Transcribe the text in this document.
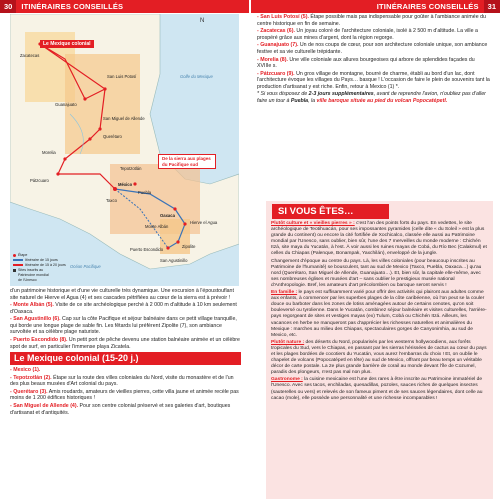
30 ITINÉRAIRES CONSEILLÉS	ITINÉRAIRES CONSEILLÉS 31
N
Le Mexique colonial
De la sierra aux plages du Pacifique sud
Zacatecas
San Luis Potosí
Guanajuato
San Miguel de Allende
Querétaro
Morelia
Pátzcuaro
México
Tepotzotlán
Puebla
Taxco
Oaxaca
Monte Albán
Hierve el Agua
Zipolite
Puerto Escondido
San Agustinillo
Golfe du Mexique
Océan Pacifique
Étape
Itinéraire de 15 jours
Itinéraire de 15 à 20 jours
Sites inscrits au
Patrimoine mondial
de l'Unesco

d'un patrimoine historique et d'une vie culturelle très dynamique. Une excursion à l'époustouflant site naturel de Hierve el Agua (4) et ses cascades pétrifiées au cœur de la sierra est à prévoir !

- Monte Albán (5). Visite de ce site archéologique perché à 2 000 m d'altitude à 10 km seulement d'Oaxaca.

- San Agustinillo (6). Cap sur la côte Pacifique et séjour balnéaire dans ce petit village tranquille, qui borde une longue plage de sable fin. Les fêtards lui préfèrent Zipolite (7), son ambiance survoltée et sa célèbre plage naturiste.

- Puerto Escondido (8). Un petit port de pêche devenu une station balnéaire animée et un célèbre spot de surf, en particulier l'immense playa Zicatela.

Le Mexique colonial (15-20 j.)

- Mexico (1).

- Tepotzotlán (2). Étape sur la route des villes coloniales du Nord, visite du monastère et de l'un des plus beaux musées d'Art colonial du pays.

- Querétaro (3). Amis roudards, amateurs de vieilles pierres, cette villa jaune et animée recèle pas moins de 1 200 édifices historiques !

- San Miguel de Allende (4). Pour son centre colonial préservé et ses galeries d'art, boutiques d'artisanat et d'antiquités.

- San Luis Potosí (5). Étape possible mais pas indispensable pour goûter à l'ambiance animée du centre historique en fin de semaine.

- Zacatecas (6). Un joyau coloré de l'architecture coloniale, isolé à 2 500 m d'altitude. La ville a prospéré grâce aux mines d'argent, dont la région regorge.

- Guanajuato (7). Un de nos coups de cœur, pour son architecture coloniale unique, son ambiance festive et sa vie culturelle trépidante.

- Morelia (8). Une ville coloniale aux allures bourgeoises qui arbore de splendides façades du XVIIIe s.

- Pátzcuaro (9). Un gros village de montagne, bourré de charme, établi au bord d'un lac, dont l'architecture évoque les villages du Pays… basque ! L'occasion de faire le plein de souvenirs tant la production d'artisanat y est riche. Enfin, retour à Mexico (1) *.

* Si vous disposez de 2-3 jours supplémentaires, avant de reprendre l'avion, n'oubliez pas d'aller faire un tour à Puebla, la ville baroque située au pied du volcan Popocatépetl.

SI VOUS ÊTES…

Plutôt culture et « vieilles pierres » : c'est l'an des points forts du pays. En vedettes, le site archéologique de Teotihuacán, pour ses impossantes pyramides (celle dite « du Soleil » est la plus grande du continent) ou encore la cité fortifiée de Xochicalco, classée elle aussi au Patrimoine mondial par l'Unesco, sans oublier, bien sûr, l'une des 7 merveilles du monde moderne : Chichén Itzá, site maya du Yucatán, à l'est. À voir aussi les ruines mayas de Cobá, du Río Bec (Calakmul) et celles du Chiapas (Palenque, Bonampak, Yaxchilán), enveloppé de la jungle.

Changement d'époque au centre du pays. Là, les villes coloniales (pour beaucoup inscrites au Patrimoine de l'humanité) se bousculent, tant au sud de Mexico (Taxco, Puebla, Oaxaca…) qu'au nord (Querétaro, San Miguel de Allende, Guanajuato…). Et, bien sûr, la capitale elle-même, avec ses nombreuses églises et musées d'art – sans oublier le prestigieux musée national d'Anthropologie. Bref, les amateurs d'art précolombien ou baroque seront servis !

En famille : le pays est suffisamment varié pour offrir des activités qui plairont aux adultes comme aux enfants, à commencer par les superbes plages de la côte caribéenne, où l'on peut se la couler douce ou barboter dans les zones de lotiss aménagées autour de certains cenotes, qu'on soit bouleversé ou tyrolienne. Dans le Yucatán, combinez séjour balnéaire et visites culturelles, l'arrière-pays regorgeant de sites et vestiges mayas (ex) Tulum, Cobá ou Chichén Itzá. Ailleurs, les vacances en herbe ne manqueront pas d'apprécier les richesses naturelles et animalières du Mexique : marches au milieu des Chiapas, spectaculaires gorges de Canyonimhia, au sud de Mexico, etc.

Plutôt nature : des déserts du Nord, popularisés par les westerns hollywoodiens, aux forêts tropicales du Sud, vers le Chiapas, en passant par les sierras hérissées de cactus au cœur du pays et les plages bordées de cocotiers du Yucatán, vous aurez l'embarras du choix ! Et, on oublie le chapelet de volcans (Popocatépetl en tête) au sud de Mexico, offrant par beau temps un véritable décor de carte postale. La 2e plus grande barrière de corail au monde devant l'île de Cozumel, paradis des plongeurs, n'est pas mal non plus.

Gastronome : la cuisine mexicaine est l'une des rares à être inscrite au Patrimoine immatériel de l'Unesco. Avec ses tacos, enchiladas, quesadillas, pozoles, sauces riches de quelques insectes (sauterelles ou vers) et relevés de son fameux piment et de ses sauces légendaires, dont celle au cacao (mole), elle possède une personnalité et une richesse incomparables !
